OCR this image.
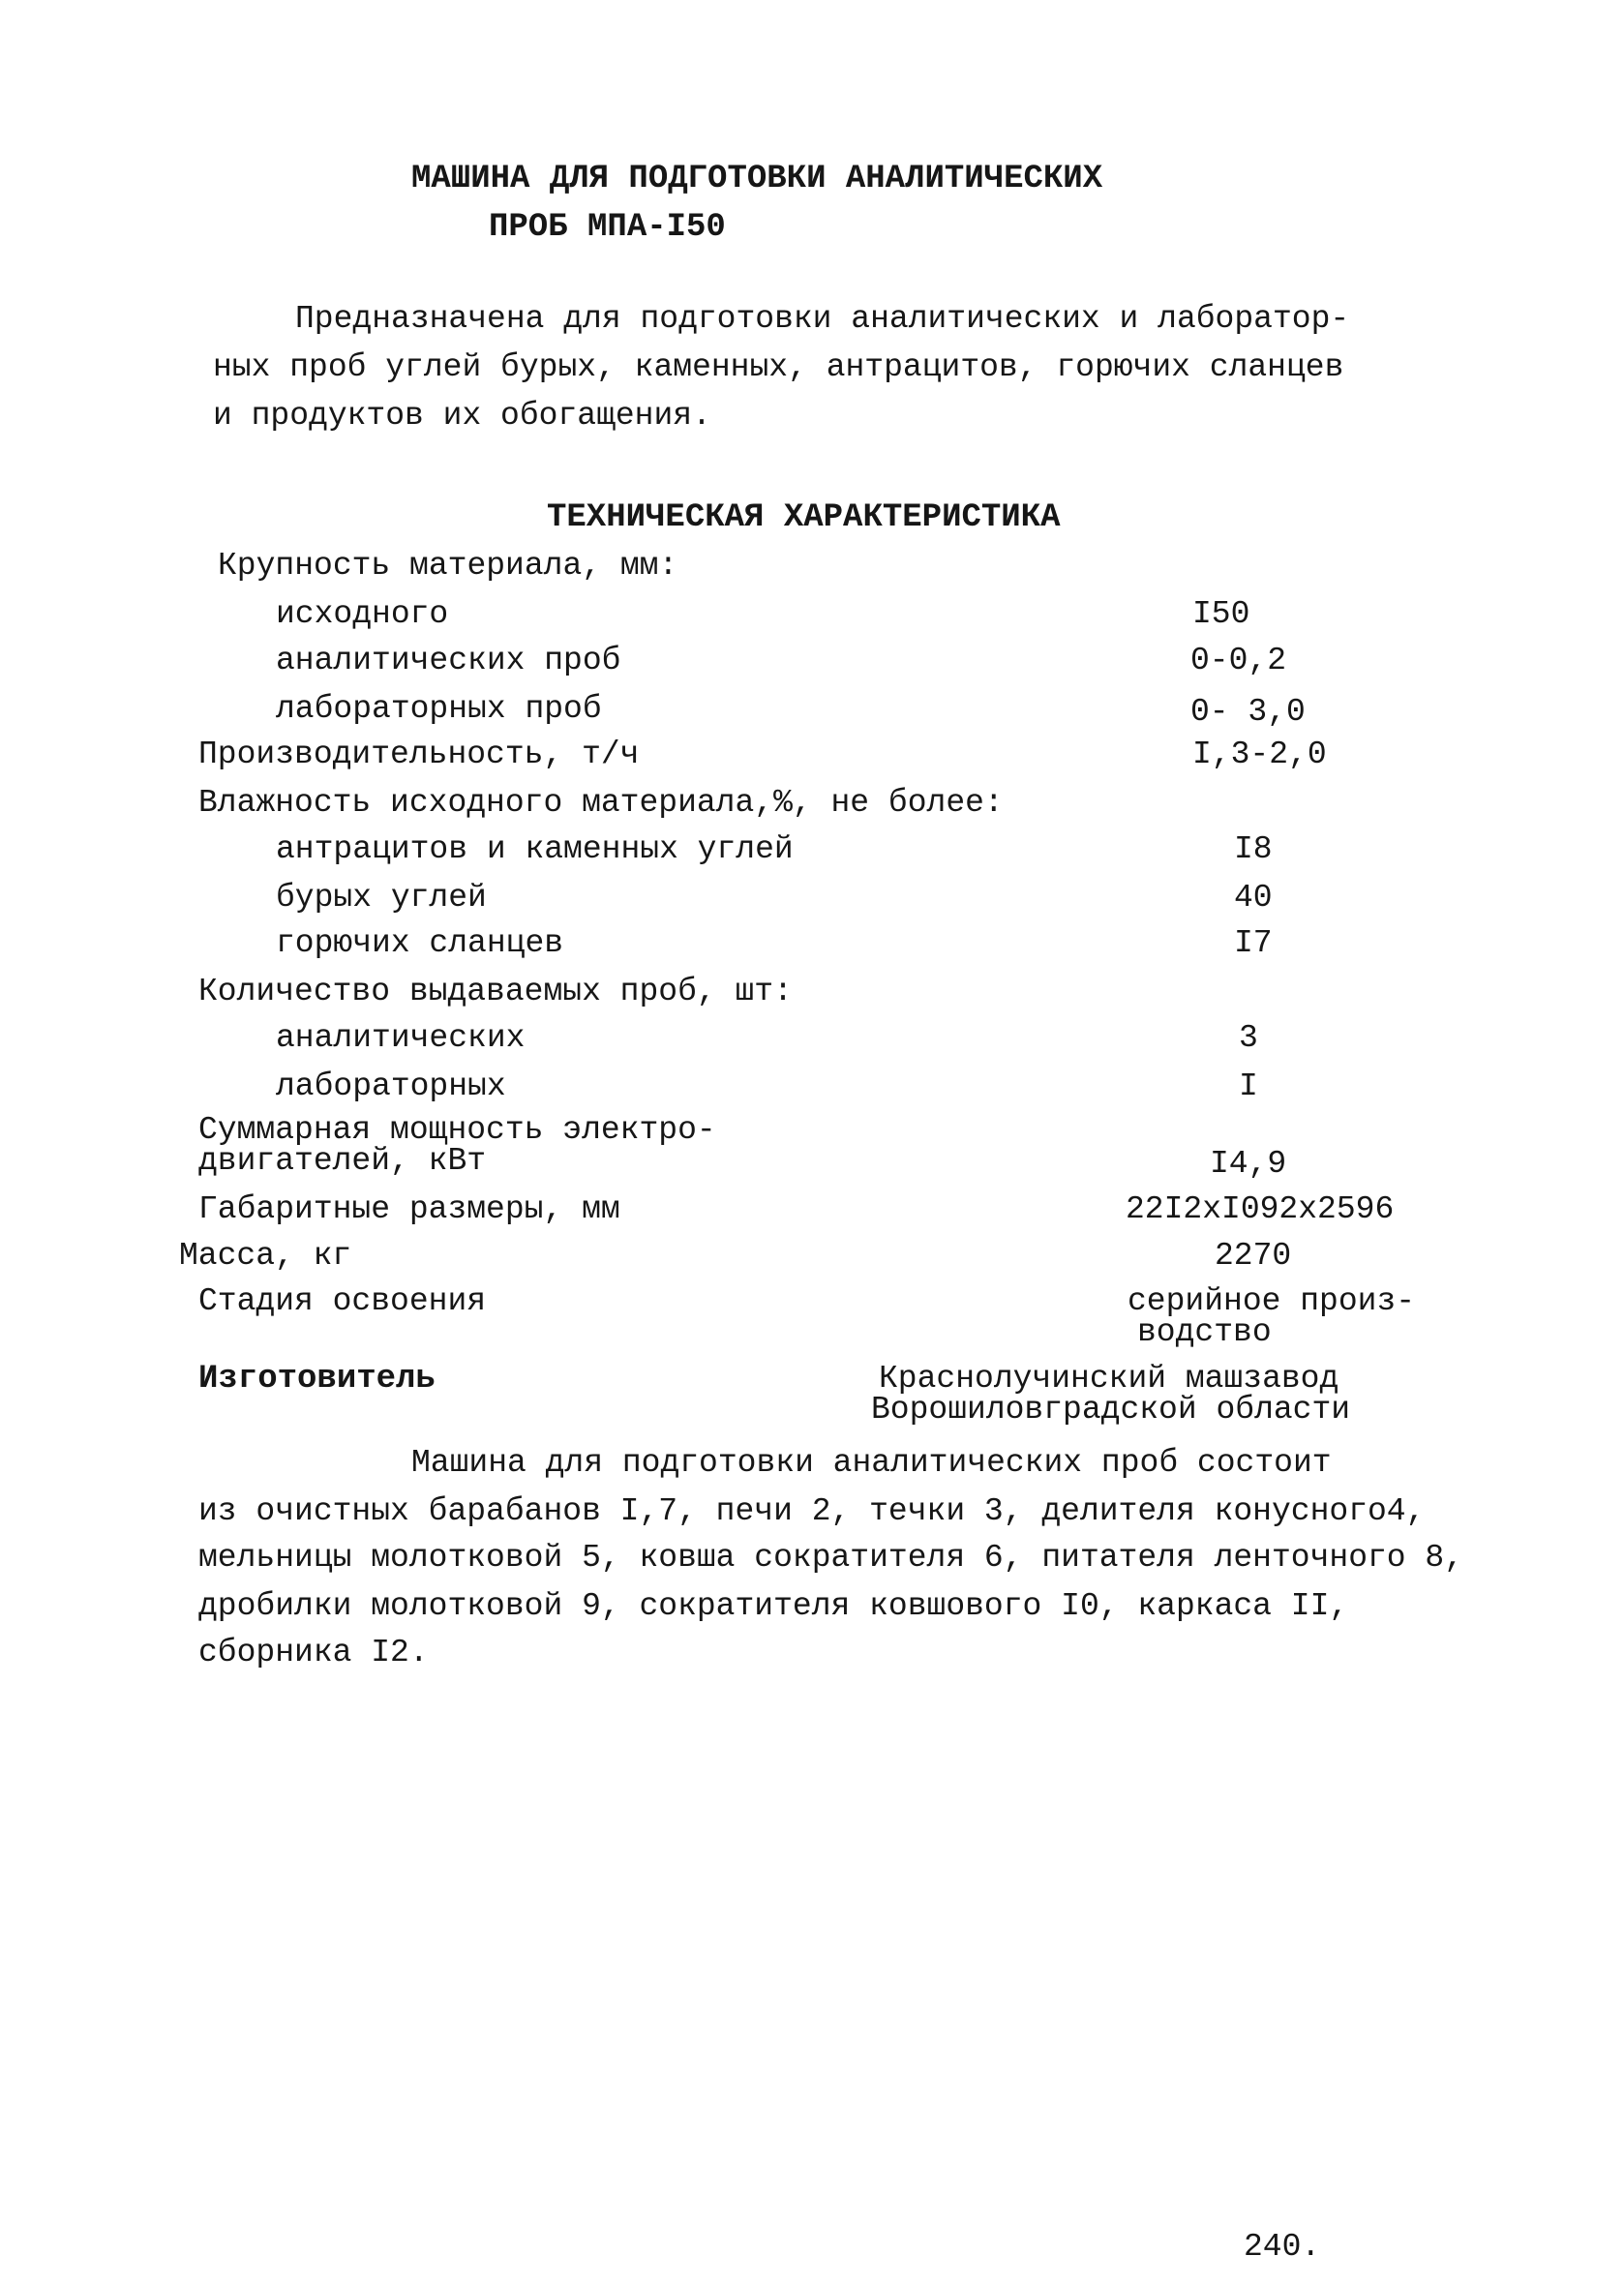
МАШИНА ДЛЯ ПОДГОТОВКИ АНАЛИТИЧЕСКИХ
ПРОБ МПА-I50
Предназначена для подготовки аналитических и лаборатор-
ных проб углей бурых, каменных, антрацитов, горючих сланцев
и продуктов их обогащения.
ТЕХНИЧЕСКАЯ ХАРАКТЕРИСТИКА
Крупность материала, мм:
исходного	I50
аналитических проб	0-0,2
лабораторных проб	0- 3,0
Производительность, т/ч	I,3-2,0
Влажность исходного материала,%, не более:
антрацитов и каменных углей	I8
бурых углей	40
горючих сланцев	I7
Количество выдаваемых проб, шт:
аналитических	3
лабораторных	I
Суммарная мощность электро-
двигателей, кВт	I4,9
Габаритные размеры, мм	22I2xI092x2596
Масса, кг	2270
Стадия освоения	серийное произ-
водство
Изготовитель	Краснолучинский машзавод
Ворошиловградской области
Машина для подготовки аналитических проб состоит
из очистных барабанов I,7, печи 2, течки 3, делителя конусного4,
мельницы молотковой 5, ковша сократителя 6, питателя ленточного 8,
дробилки молотковой 9, сократителя ковшового I0, каркаса II,
сборника I2.
240.
